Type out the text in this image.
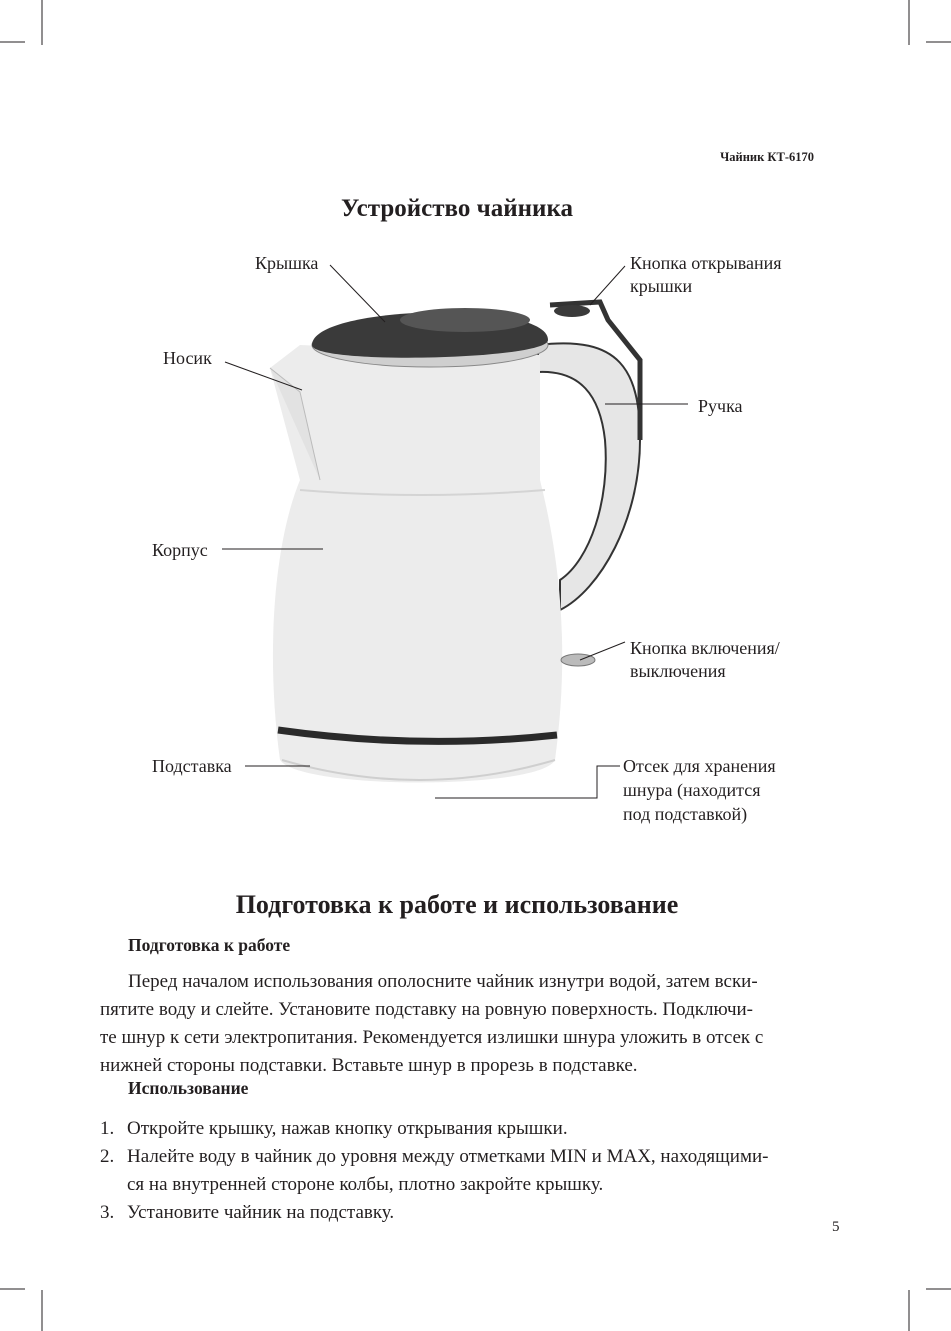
Чайник КТ-6170
Устройство чайника
Крышка	Кнопка открывания
крышки
Носик
Ручка
Корпус
Кнопка включения/
выключения
Подставка	Отсек для хранения
шнура (находится
под подставкой)
Подготовка к работе и использование
Подготовка к работе
Перед началом использования ополосните чайник изнутри водой, затем вски-
пятите воду и слейте. Установите подставку на ровную поверхность. Подключи-
те шнур к сети электропитания. Рекомендуется излишки шнура уложить в отсек с
нижней стороны подставки. Вставьте шнур в прорезь в подставке.
Использование
1. Откройте крышку, нажав кнопку открывания крышки.
2. Налейте воду в чайник до уровня между отметками MIN и MAX, находящими-
ся на внутренней стороне колбы, плотно закройте крышку.
3. Установите чайник на подставку.
5
